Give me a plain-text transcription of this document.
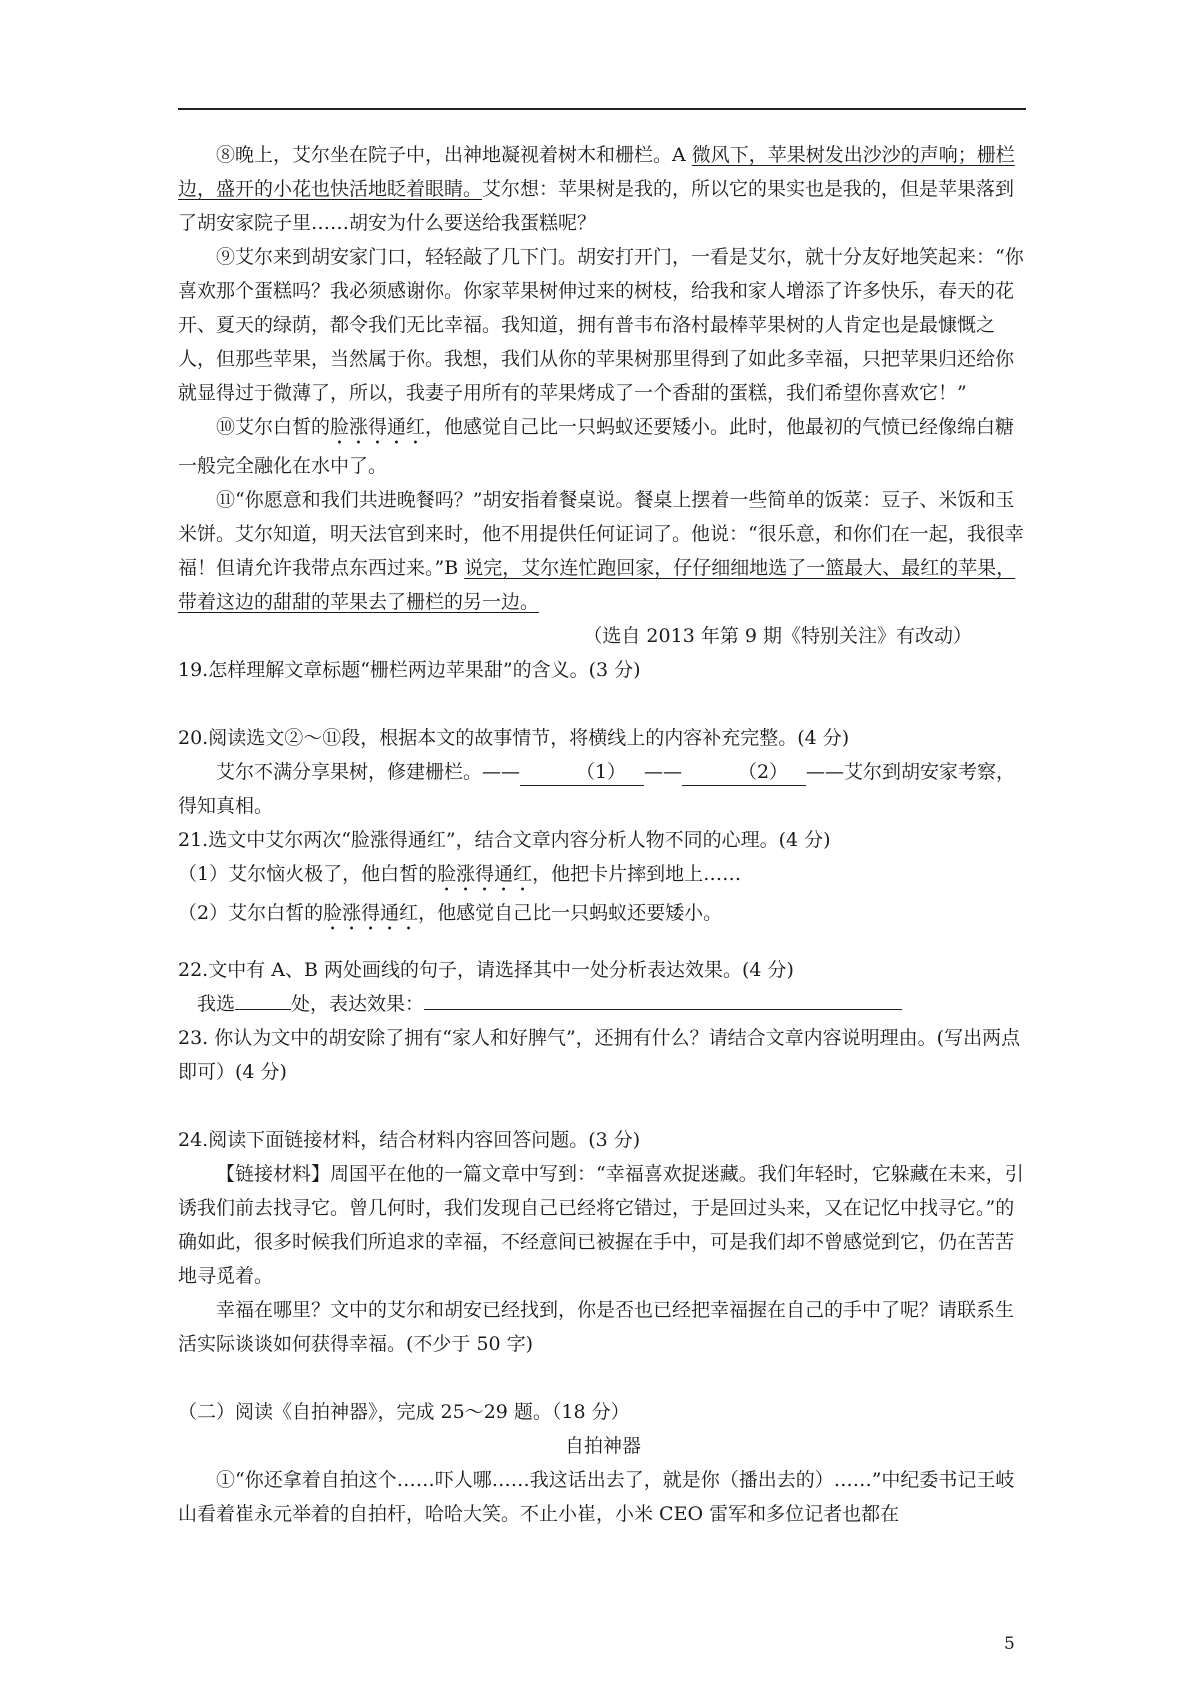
⑧晚上，艾尔坐在院子中，出神地凝视着树木和栅栏。A 微风下，苹果树发出沙沙的声响；栅栏边，盛开的小花也快活地眨着眼睛。艾尔想：苹果树是我的，所以它的果实也是我的，但是苹果落到了胡安家院子里……胡安为什么要送给我蛋糕呢？

⑨艾尔来到胡安家门口，轻轻敲了几下门。胡安打开门，一看是艾尔，就十分友好地笑起来：“你喜欢那个蛋糕吗？我必须感谢你。你家苹果树伸过来的树枝，给我和家人增添了许多快乐，春天的花开、夏天的绿荫，都令我们无比幸福。我知道，拥有普韦布洛村最棒苹果树的人肯定也是最慷慨之人，但那些苹果，当然属于你。我想，我们从你的苹果树那里得到了如此多幸福，只把苹果归还给你就显得过于微薄了，所以，我妻子用所有的苹果烤成了一个香甜的蛋糕，我们希望你喜欢它！”

⑩艾尔白皙的脸涨得通红，他感觉自己比一只蚂蚁还要矮小。此时，他最初的气愤已经像绵白糖一般完全融化在水中了。

⑪“你愿意和我们共进晚餐吗？”胡安指着餐桌说。餐桌上摆着一些简单的饭菜：豆子、米饭和玉米饼。艾尔知道，明天法官到来时，他不用提供任何证词了。他说：“很乐意，和你们在一起，我很幸福！但请允许我带点东西过来。”B 说完，艾尔连忙跑回家，仔仔细细地选了一篮最大、最红的苹果，带着这边的甜甜的苹果去了栅栏的另一边。

（选自 2013 年第 9 期《特别关注》有改动）

19.怎样理解文章标题“栅栏两边苹果甜”的含义。(3 分)

20.阅读选文②～⑪段，根据本文的故事情节，将横线上的内容补充完整。(4 分)

艾尔不满分享果树，修建栅栏。——	（1） ——	（2） ——艾尔到胡安家考察，得知真相。

21.选文中艾尔两次“脸涨得通红”，结合文章内容分析人物不同的心理。(4 分)

（1）艾尔恼火极了，他白皙的脸涨得通红，他把卡片摔到地上……

（2）艾尔白皙的脸涨得通红，他感觉自己比一只蚂蚁还要矮小。

22.文中有 A、B 两处画线的句子，请选择其中一处分析表达效果。(4 分)

我选	处，表达效果：

23. 你认为文中的胡安除了拥有“家人和好脾气”，还拥有什么？请结合文章内容说明理由。(写出两点即可）(4 分)

24.阅读下面链接材料，结合材料内容回答问题。(3 分)

【链接材料】周国平在他的一篇文章中写到：“幸福喜欢捉迷藏。我们年轻时，它躲藏在未来，引诱我们前去找寻它。曾几何时，我们发现自己已经将它错过，于是回过头来，又在记忆中找寻它。”的确如此，很多时候我们所追求的幸福，不经意间已被握在手中，可是我们却不曾感觉到它，仍在苦苦地寻觅着。

幸福在哪里？文中的艾尔和胡安已经找到，你是否也已经把幸福握在自己的手中了呢？请联系生活实际谈谈如何获得幸福。(不少于 50 字)

（二）阅读《自拍神器》，完成 25～29 题。（18 分）

自拍神器

①“你还拿着自拍这个……吓人哪……我这话出去了，就是你（播出去的）……”中纪委书记王岐山看着崔永元举着的自拍杆，哈哈大笑。不止小崔，小米 CEO 雷军和多位记者也都在

5
